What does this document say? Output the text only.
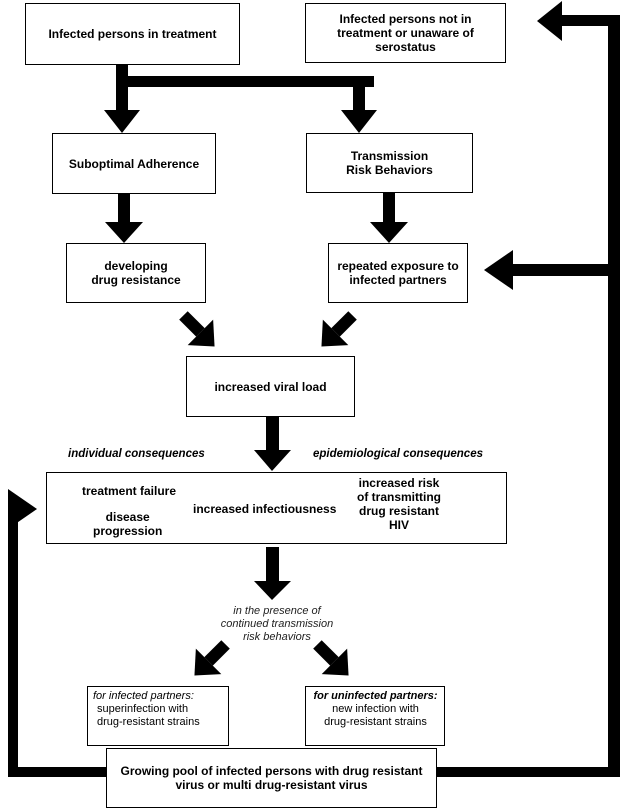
Infected persons in treatment
Infected persons not in
treatment or unaware of
serostatus
Suboptimal Adherence
Transmission
Risk Behaviors
developing
drug resistance
repeated exposure to
infected partners
increased viral load
individual consequences	epidemiological consequences
treatment failure
disease
progression
increased infectiousness
increased risk
of transmitting
drug resistant
HIV
in the presence of
continued transmission
risk behaviors
for infected partners:
superinfection with
drug-resistant strains
for uninfected partners:
new infection with
drug-resistant strains
Growing pool of infected persons with drug resistant
virus or multi drug-resistant virus
